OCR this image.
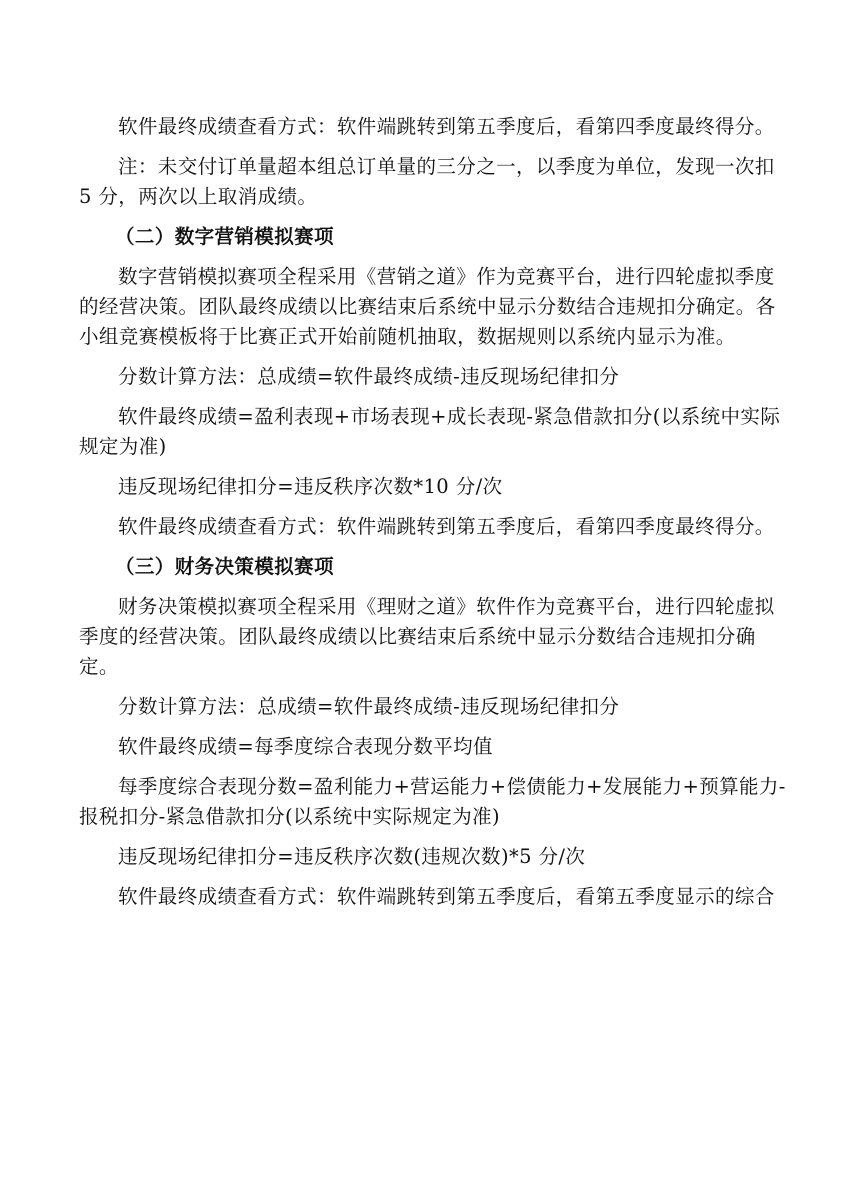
软件最终成绩查看方式：软件端跳转到第五季度后，看第四季度最终得分。
注：未交付订单量超本组总订单量的三分之一，以季度为单位，发现一次扣
5 分，两次以上取消成绩。
（二）数字营销模拟赛项
数字营销模拟赛项全程采用《营销之道》作为竞赛平台，进行四轮虚拟季度
的经营决策。团队最终成绩以比赛结束后系统中显示分数结合违规扣分确定。各
小组竞赛模板将于比赛正式开始前随机抽取，数据规则以系统内显示为准。
分数计算方法：总成绩=软件最终成绩-违反现场纪律扣分
软件最终成绩=盈利表现+市场表现+成长表现-紧急借款扣分(以系统中实际
规定为准)
违反现场纪律扣分=违反秩序次数*10 分/次
软件最终成绩查看方式：软件端跳转到第五季度后，看第四季度最终得分。
（三）财务决策模拟赛项
财务决策模拟赛项全程采用《理财之道》软件作为竞赛平台，进行四轮虚拟
季度的经营决策。团队最终成绩以比赛结束后系统中显示分数结合违规扣分确
定。
分数计算方法：总成绩=软件最终成绩-违反现场纪律扣分
软件最终成绩=每季度综合表现分数平均值
每季度综合表现分数=盈利能力+营运能力+偿债能力+发展能力+预算能力-
报税扣分-紧急借款扣分(以系统中实际规定为准)
违反现场纪律扣分=违反秩序次数(违规次数)*5 分/次
软件最终成绩查看方式：软件端跳转到第五季度后，看第五季度显示的综合
